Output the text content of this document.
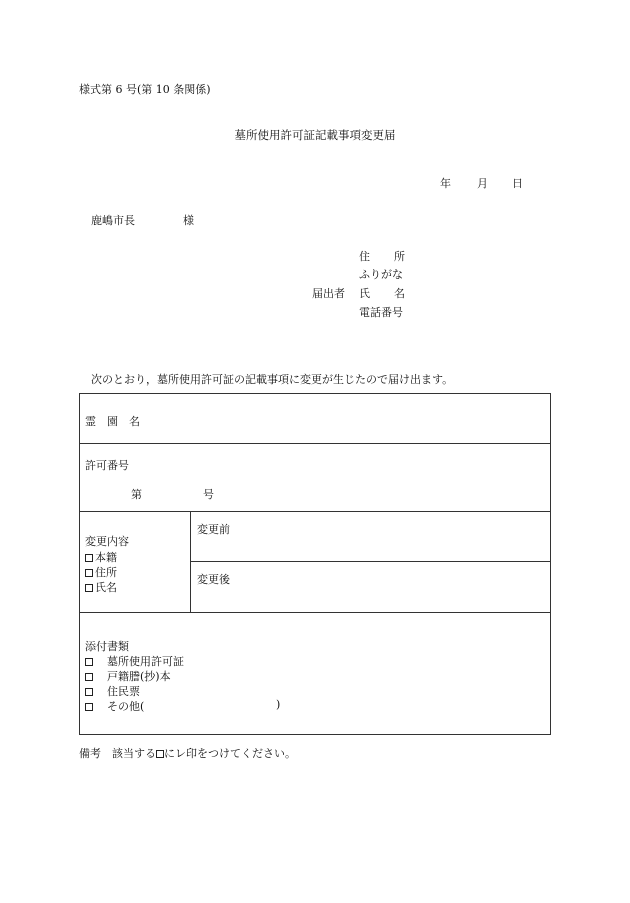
様式第 6 号(第 10 条関係)
墓所使用許可証記載事項変更届
年 月 日
鹿嶋市長	様
届出者
住 所
ふりがな
氏 名
電話番号
次のとおり，墓所使用許可証の記載事項に変更が生じたので届け出ます。
霊　園　名
許可番号
第	号
変更内容
本籍
住所
氏名
変更前
変更後
添付書類
墓所使用許可証
戸籍謄(抄)本
住民票
その他(	)
備考　該当する にレ印をつけてください。
